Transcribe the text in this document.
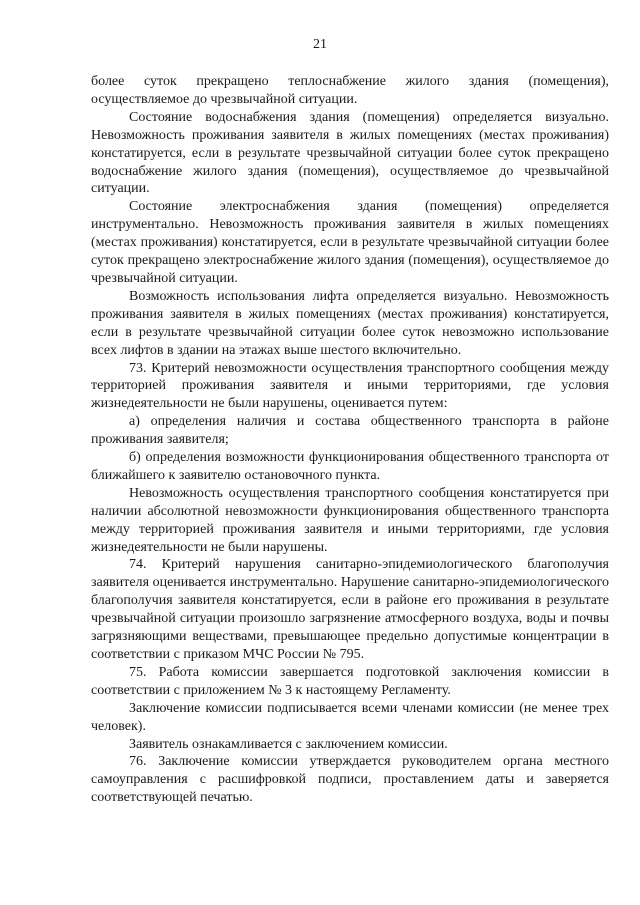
21

более суток прекращено теплоснабжение жилого здания (помещения), осуществляемое до чрезвычайной ситуации.

Состояние водоснабжения здания (помещения) определяется визуально. Невозможность проживания заявителя в жилых помещениях (местах проживания) констатируется, если в результате чрезвычайной ситуации более суток прекращено водоснабжение жилого здания (помещения), осуществляемое до чрезвычайной ситуации.

Состояние электроснабжения здания (помещения) определяется инструментально. Невозможность проживания заявителя в жилых помещениях (местах проживания) констатируется, если в результате чрезвычайной ситуации более суток прекращено электроснабжение жилого здания (помещения), осуществляемое до чрезвычайной ситуации.

Возможность использования лифта определяется визуально. Невозможность проживания заявителя в жилых помещениях (местах проживания) констатируется, если в результате чрезвычайной ситуации более суток невозможно использование всех лифтов в здании на этажах выше шестого включительно.

73. Критерий невозможности осуществления транспортного сообщения между территорией проживания заявителя и иными территориями, где условия жизнедеятельности не были нарушены, оценивается путем:

а) определения наличия и состава общественного транспорта в районе проживания заявителя;

б) определения возможности функционирования общественного транспорта от ближайшего к заявителю остановочного пункта.

Невозможность осуществления транспортного сообщения констатируется при наличии абсолютной невозможности функционирования общественного транспорта между территорией проживания заявителя и иными территориями, где условия жизнедеятельности не были нарушены.

74. Критерий нарушения санитарно-эпидемиологического благополучия заявителя оценивается инструментально. Нарушение санитарно-эпидемиологического благополучия заявителя констатируется, если в районе его проживания в результате чрезвычайной ситуации произошло загрязнение атмосферного воздуха, воды и почвы загрязняющими веществами, превышающее предельно допустимые концентрации в соответствии с приказом МЧС России № 795.

75. Работа комиссии завершается подготовкой заключения комиссии в соответствии с приложением № 3 к настоящему Регламенту.

Заключение комиссии подписывается всеми членами комиссии (не менее трех человек).

Заявитель ознакамливается с заключением комиссии.

76. Заключение комиссии утверждается руководителем органа местного самоуправления с расшифровкой подписи, проставлением даты и заверяется соответствующей печатью.
